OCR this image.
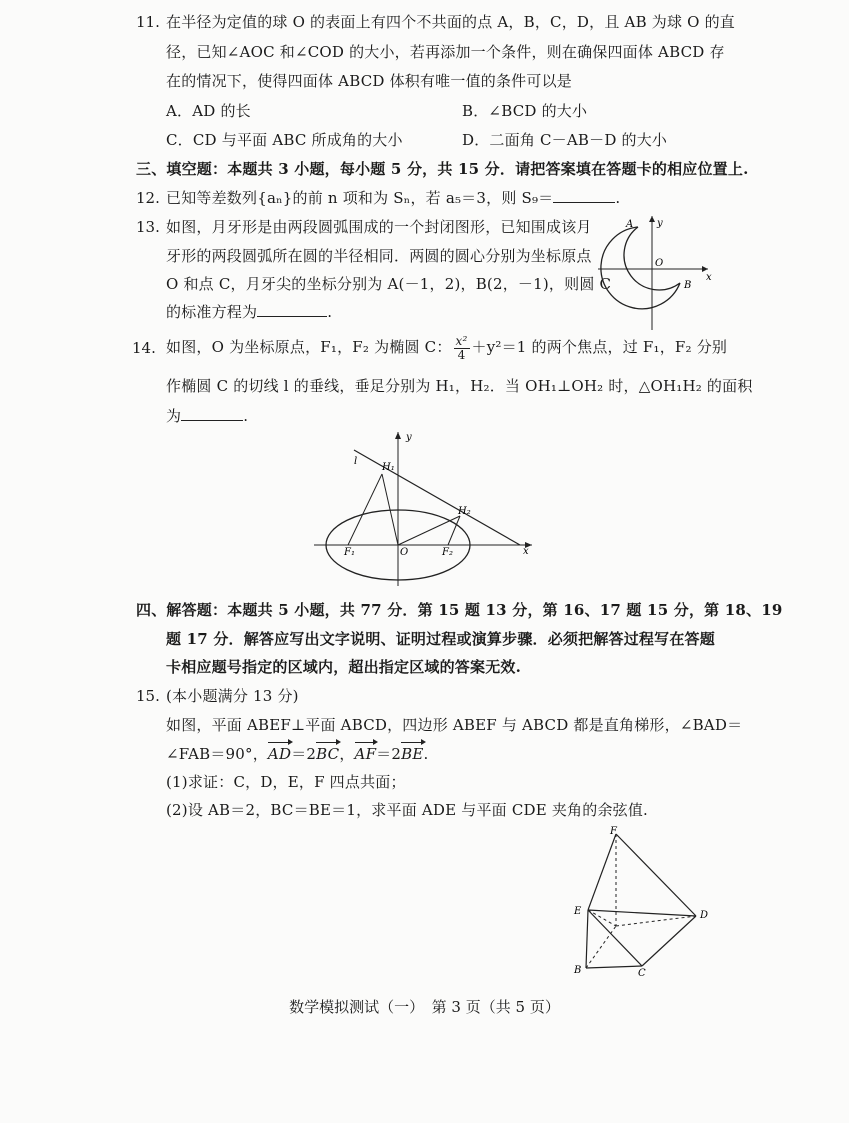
11. 在半径为定值的球 O 的表面上有四个不共面的点 A，B，C，D，且 AB 为球 O 的直
径，已知∠AOC 和∠COD 的大小，若再添加一个条件，则在确保四面体 ABCD 存
在的情况下，使得四面体 ABCD 体积有唯一值的条件可以是
A．AD 的长	B．∠BCD 的大小
C．CD 与平面 ABC 所成角的大小	D．二面角 C－AB－D 的大小
三、填空题：本题共 3 小题，每小题 5 分，共 15 分．请把答案填在答题卡的相应位置上.
12. 已知等差数列{aₙ}的前 n 项和为 Sₙ，若 a₅＝3，则 S₉＝	.
13. 如图，月牙形是由两段圆弧围成的一个封闭图形，已知围成该月
牙形的两段圆弧所在圆的半径相同．两圆的圆心分别为坐标原点
O 和点 C，月牙尖的坐标分别为 A(－1，2)，B(2，－1)，则圆 C
的标准方程为	.
y
x
O
A
B
14. 如图，O 为坐标原点，F₁，F₂ 为椭圆 C： $\frac{\text{x²}}{4} +y^2=1$ 的两个焦点，过 F₁，F₂ 分别
作椭圆 C 的切线 l 的垂线，垂足分别为 H₁，H₂．当 OH₁⊥OH₂ 时，△OH₁H₂ 的面积
为	.
y
x
O
l
H₁
H₂
F₁	F₂
四、解答题：本题共 5 小题，共 77 分．第 15 题 13 分，第 16、17 题 15 分，第 18、19
题 17 分．解答应写出文字说明、证明过程或演算步骤．必须把解答过程写在答题
卡相应题号指定的区域内，超出指定区域的答案无效.
15. (本小题满分 13 分)
如图，平面 ABEF⊥平面 ABCD，四边形 ABEF 与 ABCD 都是直角梯形，∠BAD＝
∠FAB＝90°，AD＝2BC，AF＝2BE.
(1)求证：C，D，E，F 四点共面；
(2)设 AB＝2，BC＝BE＝1，求平面 ADE 与平面 CDE 夹角的余弦值.
F
E	D
B	C
数学模拟测试（一）　第 3 页（共 5 页）
